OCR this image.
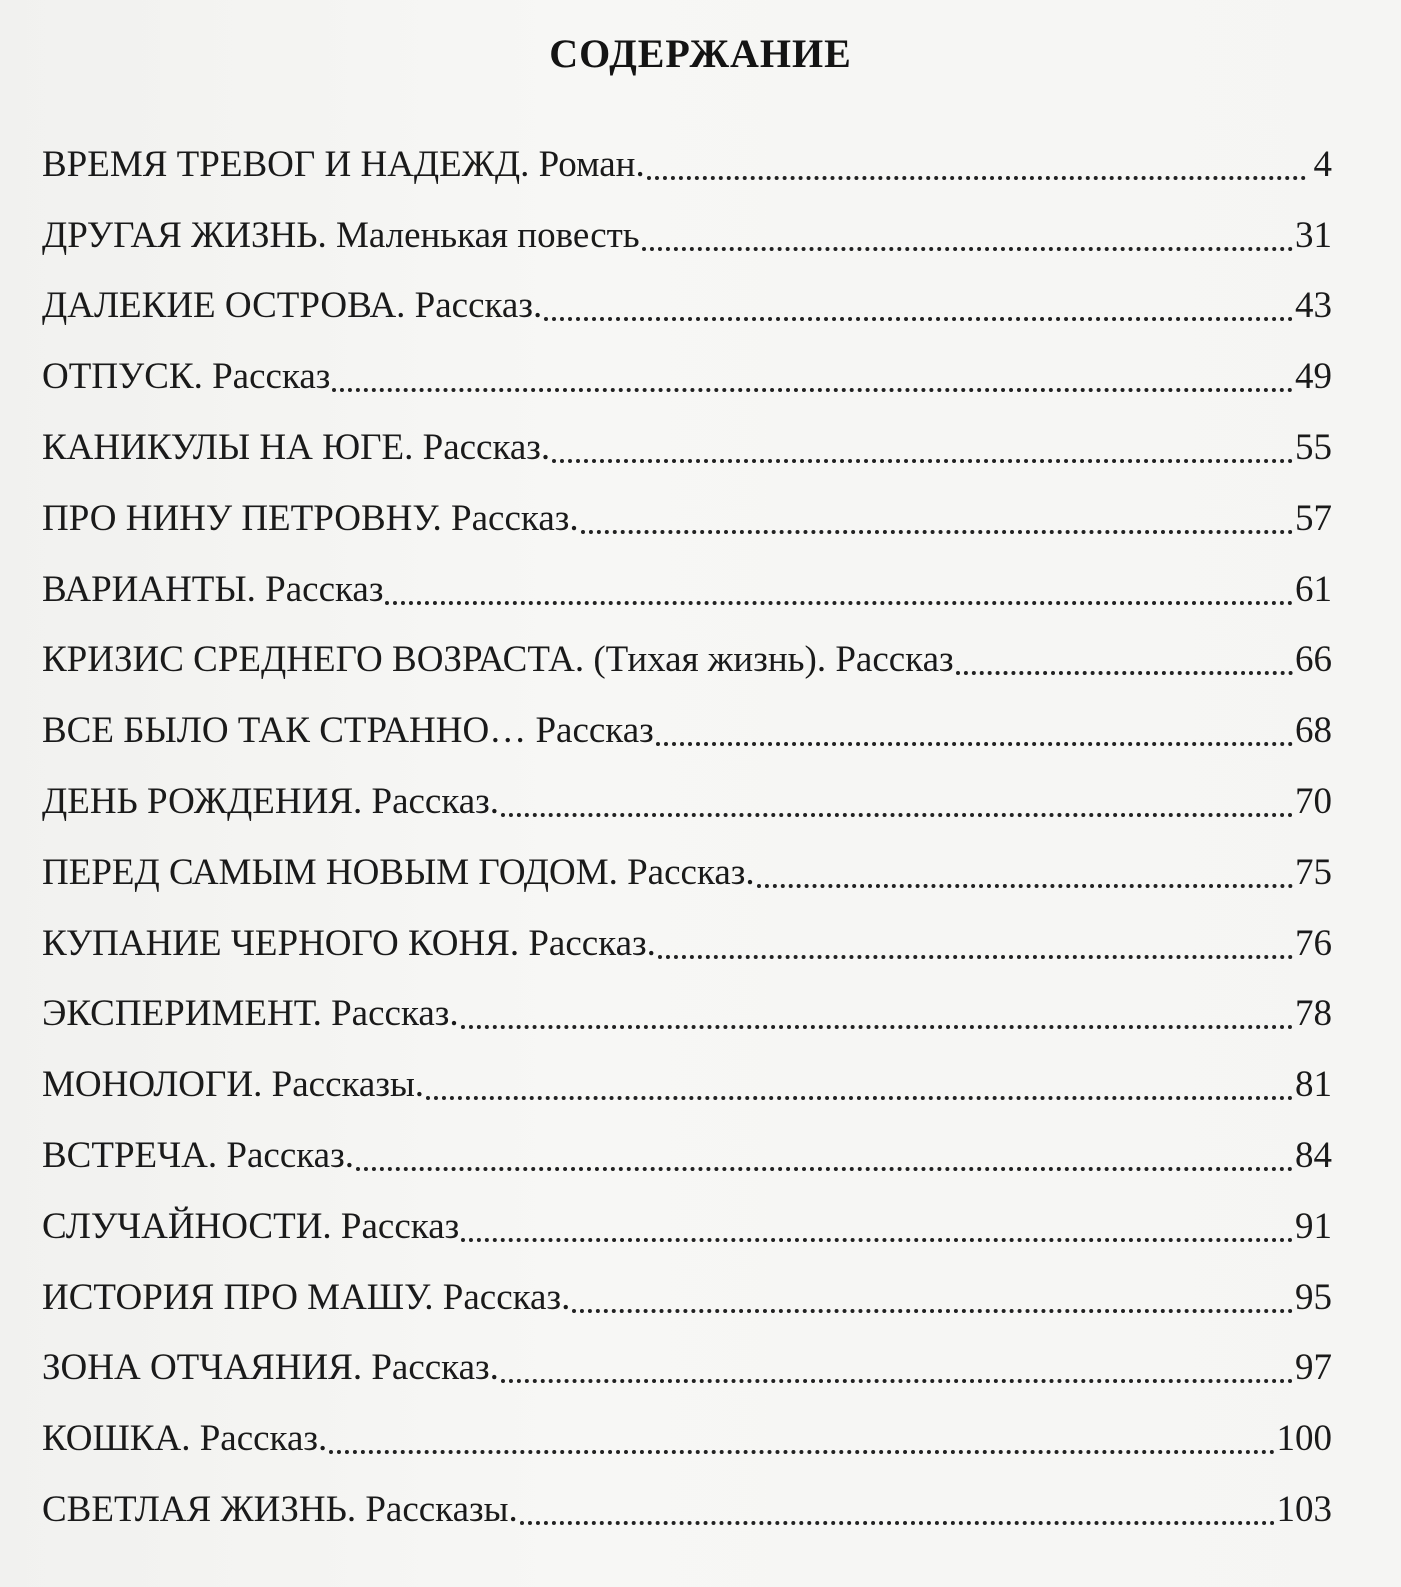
СОДЕРЖАНИЕ
ВРЕМЯ ТРЕВОГ И НАДЕЖД. Роман.	4
ДРУГАЯ ЖИЗНЬ. Маленькая повесть	31
ДАЛЕКИЕ ОСТРОВА. Рассказ.	43
ОТПУСК. Рассказ	49
КАНИКУЛЫ НА ЮГЕ. Рассказ.	55
ПРО НИНУ ПЕТРОВНУ. Рассказ.	57
ВАРИАНТЫ. Рассказ	61
КРИЗИС СРЕДНЕГО ВОЗРАСТА. (Тихая жизнь). Рассказ	66
ВСЕ БЫЛО ТАК СТРАННО… Рассказ	68
ДЕНЬ РОЖДЕНИЯ. Рассказ.	70
ПЕРЕД САМЫМ НОВЫМ ГОДОМ. Рассказ.	75
КУПАНИЕ ЧЕРНОГО КОНЯ. Рассказ.	76
ЭКСПЕРИМЕНТ. Рассказ.	78
МОНОЛОГИ. Рассказы.	81
ВСТРЕЧА. Рассказ.	84
СЛУЧАЙНОСТИ. Рассказ	91
ИСТОРИЯ ПРО МАШУ. Рассказ.	95
ЗОНА ОТЧАЯНИЯ. Рассказ.	97
КОШКА. Рассказ.	100
СВЕТЛАЯ ЖИЗНЬ. Рассказы.	103
